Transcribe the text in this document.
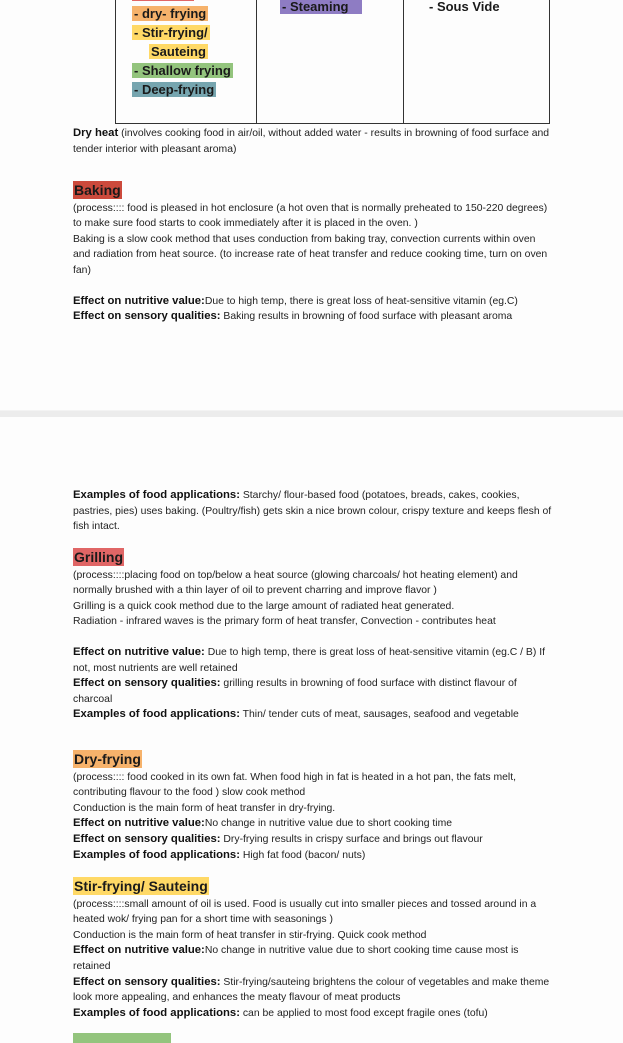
- dry- frying
- Stir-frying/
Sauteing
- Shallow frying
- Deep-frying
- Steaming	- Sous Vide

Dry heat (involves cooking food in air/oil, without added water - results in browning of food surface and tender interior with pleasant aroma)

Baking

(process:::: food is pleased in hot enclosure (a hot oven that is normally preheated to 150-220 degrees) to make sure food starts to cook immediately after it is placed in the oven. )

Baking is a slow cook method that uses conduction from baking tray, convection currents within oven and radiation from heat source. (to increase rate of heat transfer and reduce cooking time, turn on oven fan)

Effect on nutritive value:Due to high temp, there is great loss of heat-sensitive vitamin (eg.C)

Effect on sensory qualities: Baking results in browning of food surface with pleasant aroma

Examples of food applications: Starchy/ flour-based food (potatoes, breads, cakes, cookies, pastries, pies) uses baking. (Poultry/fish) gets skin a nice brown colour, crispy texture and keeps flesh of fish intact.

Grilling

(process::::placing food on top/below a heat source (glowing charcoals/ hot heating element) and normally brushed with a thin layer of oil to prevent charring and improve flavor )

Grilling is a quick cook method due to the large amount of radiated heat generated.

Radiation - infrared waves is the primary form of heat transfer, Convection - contributes heat

Effect on nutritive value: Due to high temp, there is great loss of heat-sensitive vitamin (eg.C / B) If not, most nutrients are well retained

Effect on sensory qualities: grilling results in browning of food surface with distinct flavour of charcoal

Examples of food applications: Thin/ tender cuts of meat, sausages, seafood and vegetable

Dry-frying

(process:::: food cooked in its own fat. When food high in fat is heated in a hot pan, the fats melt, contributing flavour to the food ) slow cook method

Conduction is the main form of heat transfer in dry-frying.

Effect on nutritive value:No change in nutritive value due to short cooking time

Effect on sensory qualities: Dry-frying results in crispy surface and brings out flavour

Examples of food applications: High fat food (bacon/ nuts)

Stir-frying/ Sauteing

(process::::small amount of oil is used. Food is usually cut into smaller pieces and tossed around in a heated wok/ frying pan for a short time with seasonings )

Conduction is the main form of heat transfer in stir-frying. Quick cook method

Effect on nutritive value:No change in nutritive value due to short cooking time cause most is retained

Effect on sensory qualities: Stir-frying/sauteing brightens the colour of vegetables and make theme look more appealing, and enhances the meaty flavour of meat products

Examples of food applications: can be applied to most food except fragile ones (tofu)
